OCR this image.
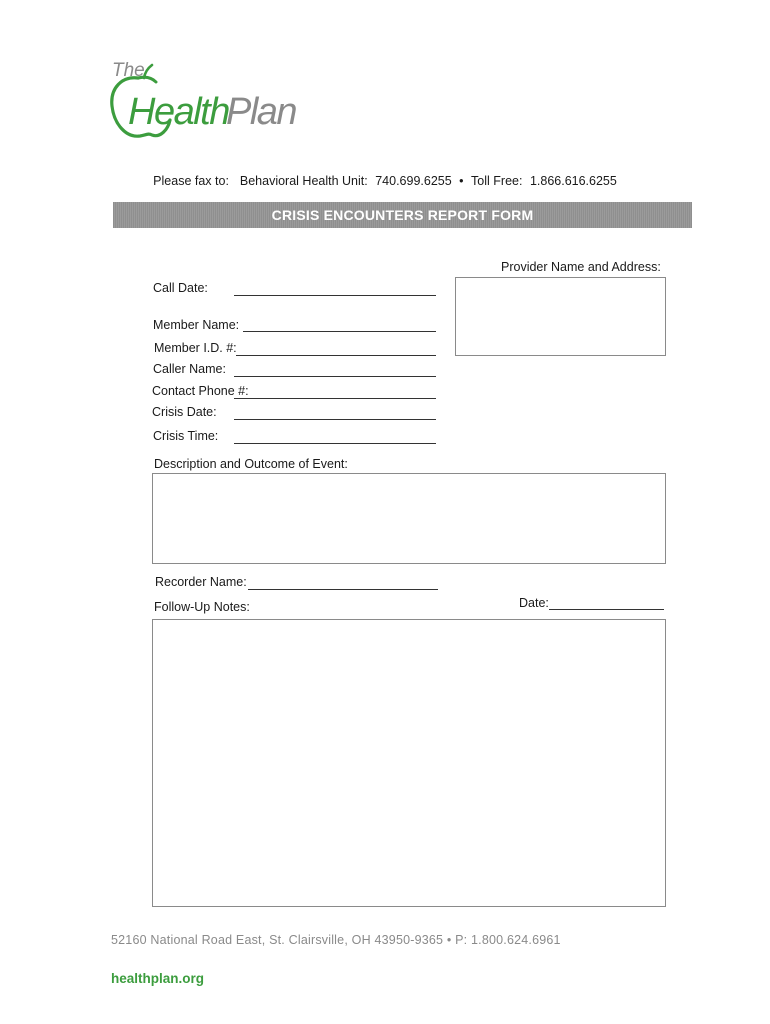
The
Health
Plan
Please fax to: Behavioral Health Unit: 740.699.6255 • Toll Free: 1.866.616.6255
CRISIS ENCOUNTERS REPORT FORM
Provider Name and Address:
Call Date:
Member Name:
Member I.D. #:
Caller Name:
Contact Phone #:
Crisis Date:
Crisis Time:
Description and Outcome of Event:
Recorder Name:
Follow-Up Notes:	Date:
52160 National Road East, St. Clairsville, OH 43950-9365 • P: 1.800.624.6961
healthplan.org
